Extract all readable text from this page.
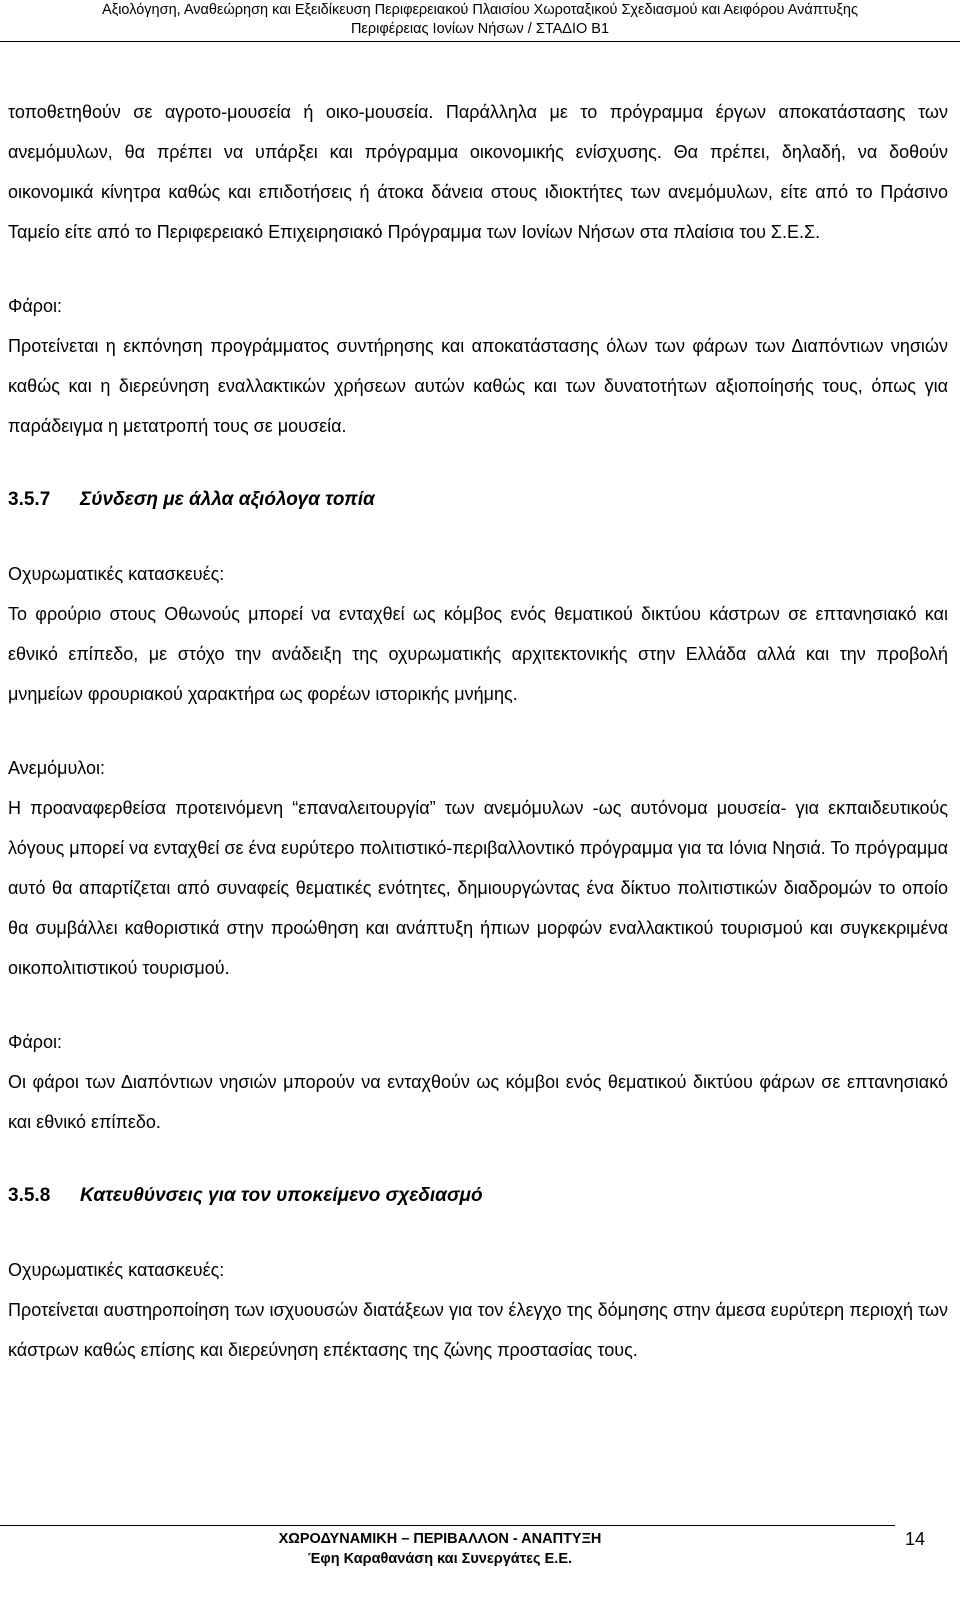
Αξιολόγηση, Αναθεώρηση και Εξειδίκευση Περιφερειακού Πλαισίου Χωροταξικού Σχεδιασμού και Αειφόρου Ανάπτυξης
Περιφέρειας Ιονίων Νήσων / ΣΤΑΔΙΟ Β1

τοποθετηθούν σε αγροτο-μουσεία ή οικο-μουσεία. Παράλληλα με το πρόγραμμα έργων αποκατάστασης των ανεμόμυλων, θα πρέπει να υπάρξει και πρόγραμμα οικονομικής ενίσχυσης. Θα πρέπει, δηλαδή, να δοθούν οικονομικά κίνητρα καθώς και επιδοτήσεις ή άτοκα δάνεια στους ιδιοκτήτες των ανεμόμυλων, είτε από το Πράσινο Ταμείο είτε από το Περιφερειακό Επιχειρησιακό Πρόγραμμα των Ιονίων Νήσων στα πλαίσια του Σ.Ε.Σ.

Φάροι:

Προτείνεται η εκπόνηση προγράμματος συντήρησης και αποκατάστασης όλων των φάρων των Διαπόντιων νησιών καθώς και η διερεύνηση εναλλακτικών χρήσεων αυτών καθώς και των δυνατοτήτων αξιοποίησής τους, όπως για παράδειγμα η μετατροπή τους σε μουσεία.

3.5.7 Σύνδεση με άλλα αξιόλογα τοπία

Οχυρωματικές κατασκευές:

Το φρούριο στους Οθωνούς μπορεί να ενταχθεί ως κόμβος ενός θεματικού δικτύου κάστρων σε επτανησιακό και εθνικό επίπεδο, με στόχο την ανάδειξη της οχυρωματικής αρχιτεκτονικής στην Ελλάδα αλλά και την προβολή μνημείων φρουριακού χαρακτήρα ως φορέων ιστορικής μνήμης.

Ανεμόμυλοι:

Η προαναφερθείσα προτεινόμενη “επαναλειτουργία” των ανεμόμυλων -ως αυτόνομα μουσεία- για εκπαιδευτικούς λόγους μπορεί να ενταχθεί σε ένα ευρύτερο πολιτιστικό-περιβαλλοντικό πρόγραμμα για τα Ιόνια Νησιά. Το πρόγραμμα αυτό θα απαρτίζεται από συναφείς θεματικές ενότητες, δημιουργώντας ένα δίκτυο πολιτιστικών διαδρομών το οποίο θα συμβάλλει καθοριστικά στην προώθηση και ανάπτυξη ήπιων μορφών εναλλακτικού τουρισμού και συγκεκριμένα οικοπολιτιστικού τουρισμού.

Φάροι:

Οι φάροι των Διαπόντιων νησιών μπορούν να ενταχθούν ως κόμβοι ενός θεματικού δικτύου φάρων σε επτανησιακό και εθνικό επίπεδο.

3.5.8 Κατευθύνσεις για τον υποκείμενο σχεδιασμό

Οχυρωματικές κατασκευές:

Προτείνεται αυστηροποίηση των ισχυουσών διατάξεων για τον έλεγχο της δόμησης στην άμεσα ευρύτερη περιοχή των κάστρων καθώς επίσης και διερεύνηση επέκτασης της ζώνης προστασίας τους.

ΧΩΡΟΔΥΝΑΜΙΚΗ – ΠΕΡΙΒΑΛΛΟΝ - ΑΝΑΠΤΥΞΗ
Έφη Καραθανάση και Συνεργάτες Ε.Ε.
14
